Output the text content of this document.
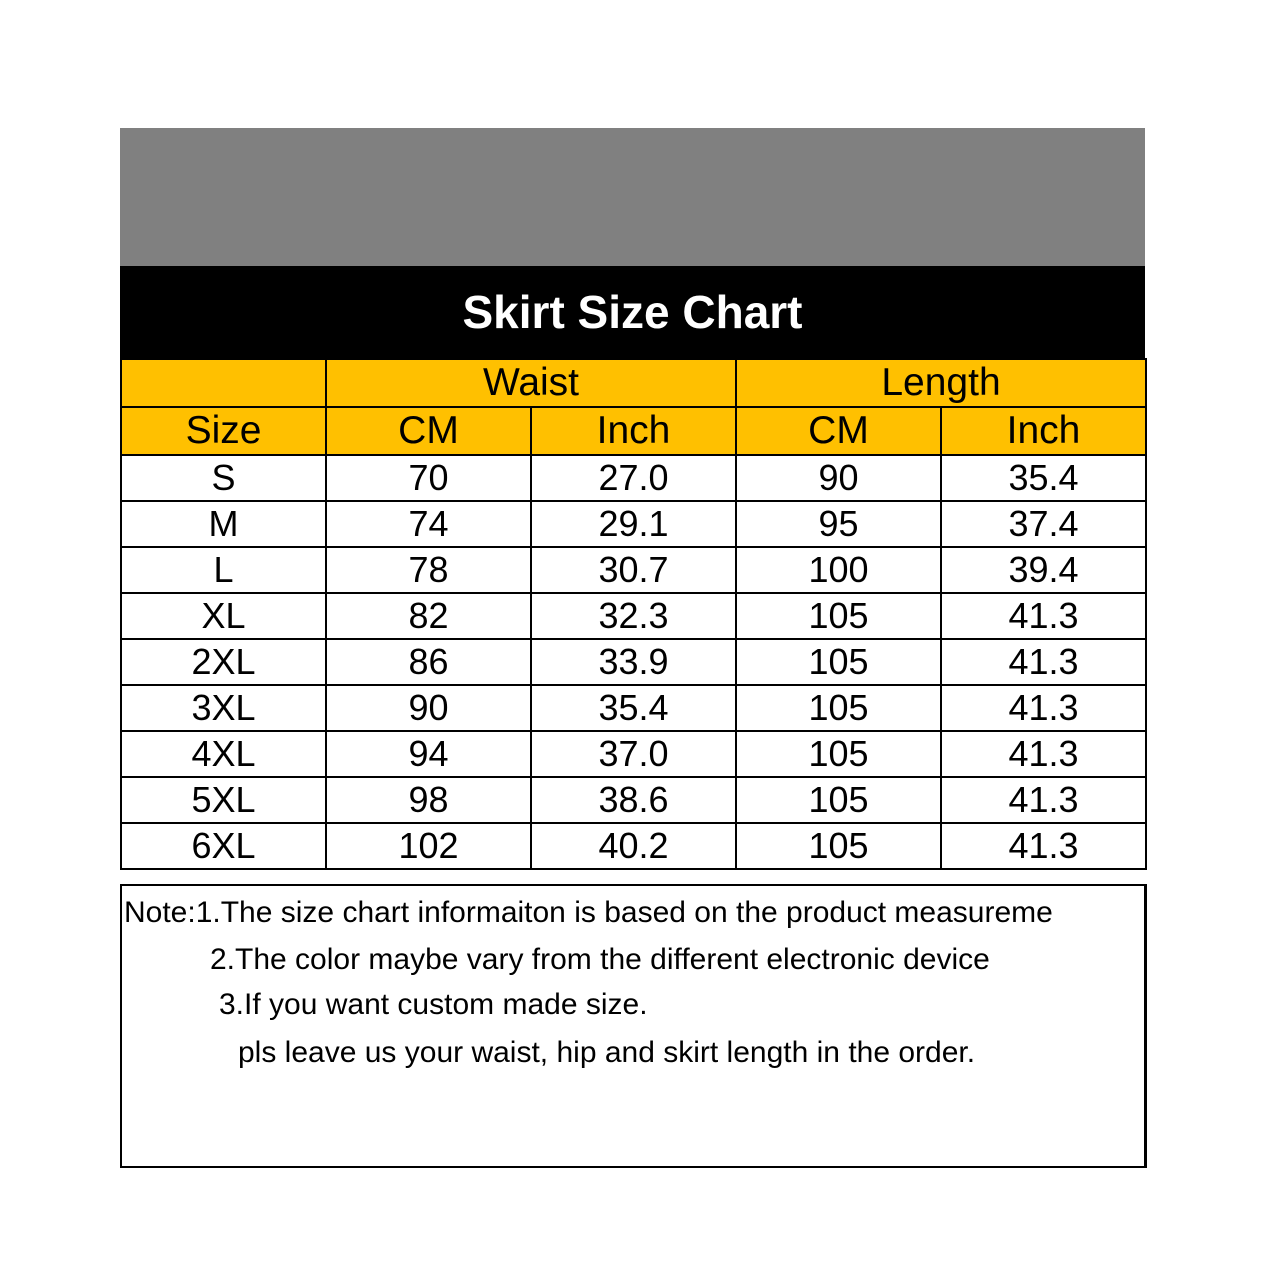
Skirt Size Chart
	Waist		Length	
Size	CM	Inch	CM	Inch
S	70	27.0	90	35.4
M	74	29.1	95	37.4
L	78	30.7	100	39.4
XL	82	32.3	105	41.3
2XL	86	33.9	105	41.3
3XL	90	35.4	105	41.3
4XL	94	37.0	105	41.3
5XL	98	38.6	105	41.3
6XL	102	40.2	105	41.3
Note:1.The size chart informaiton is based on the product measureme
2.The color maybe vary from the different electronic device
3.If you want custom made size.
pls leave us your waist, hip and skirt length in the order.
